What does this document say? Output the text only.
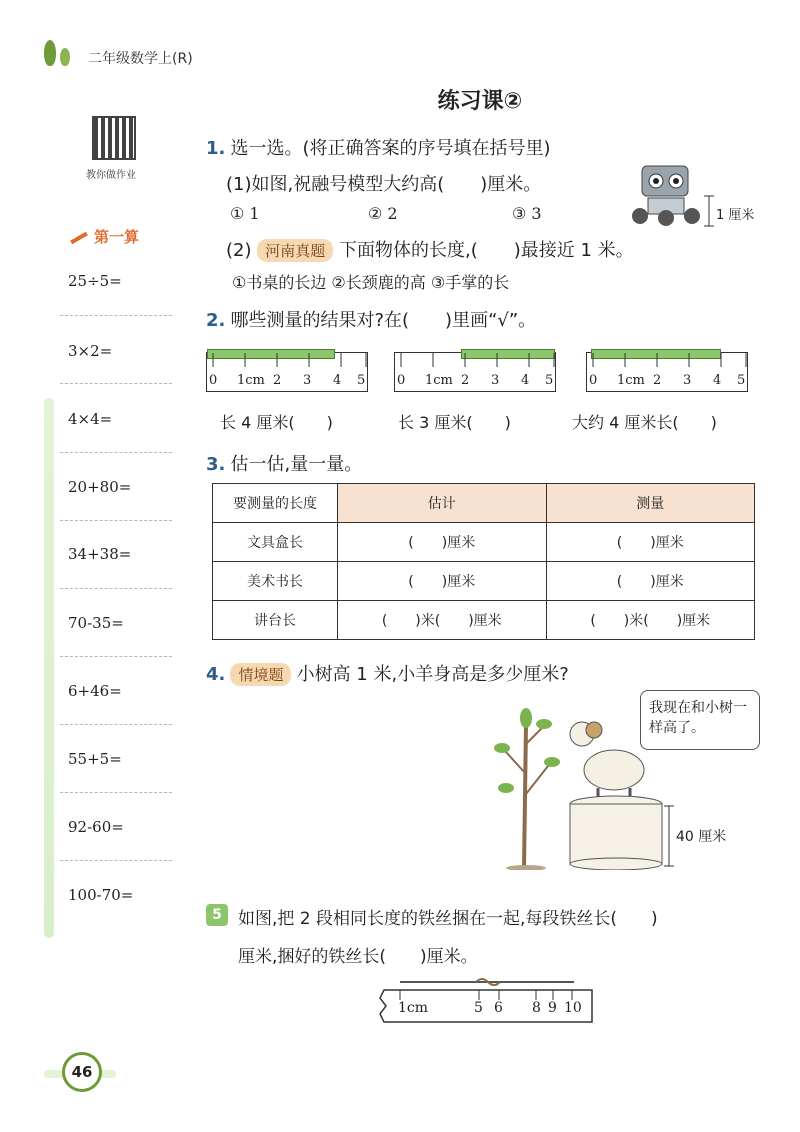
二年级数学上(R)
练习课②
教你做作业
第一算
25÷5=
3×2=
4×4=
20+80=
34+38=
70-35=
6+46=
55+5=
92-60=
100-70=
1. 选一选。(将正确答案的序号填在括号里)
(1)如图,祝融号模型大约高(　　)厘米。
① 1	② 2	③ 3	1 厘米
(2) 河南真题 下面物体的长度,(　　)最接近 1 米。
①书桌的长边 ②长颈鹿的高 ③手掌的长
2. 哪些测量的结果对?在(　　)里画“√”。
0 1cm 2 3 4 5 0 1cm 2 3 4 5	0 1cm 2 3 4 5
长 4 厘米(　　)	长 3 厘米(　　)	大约 4 厘米长(　　)
3. 估一估,量一量。
要测量的长度	估计	测量
文具盒长	(　　)厘米	(　　)厘米
美术书长	(　　)厘米	(　　)厘米
讲台长	(　　)米(　　)厘米	(　　)米(　　)厘米
4. 情境题 小树高 1 米,小羊身高是多少厘米?
40 厘米
我现在和小树一样高了。
5 如图,把 2 段相同长度的铁丝捆在一起,每段铁丝长(　　)
厘米,捆好的铁丝长(　　)厘米。
1cm	5 6 8 9 10
46
